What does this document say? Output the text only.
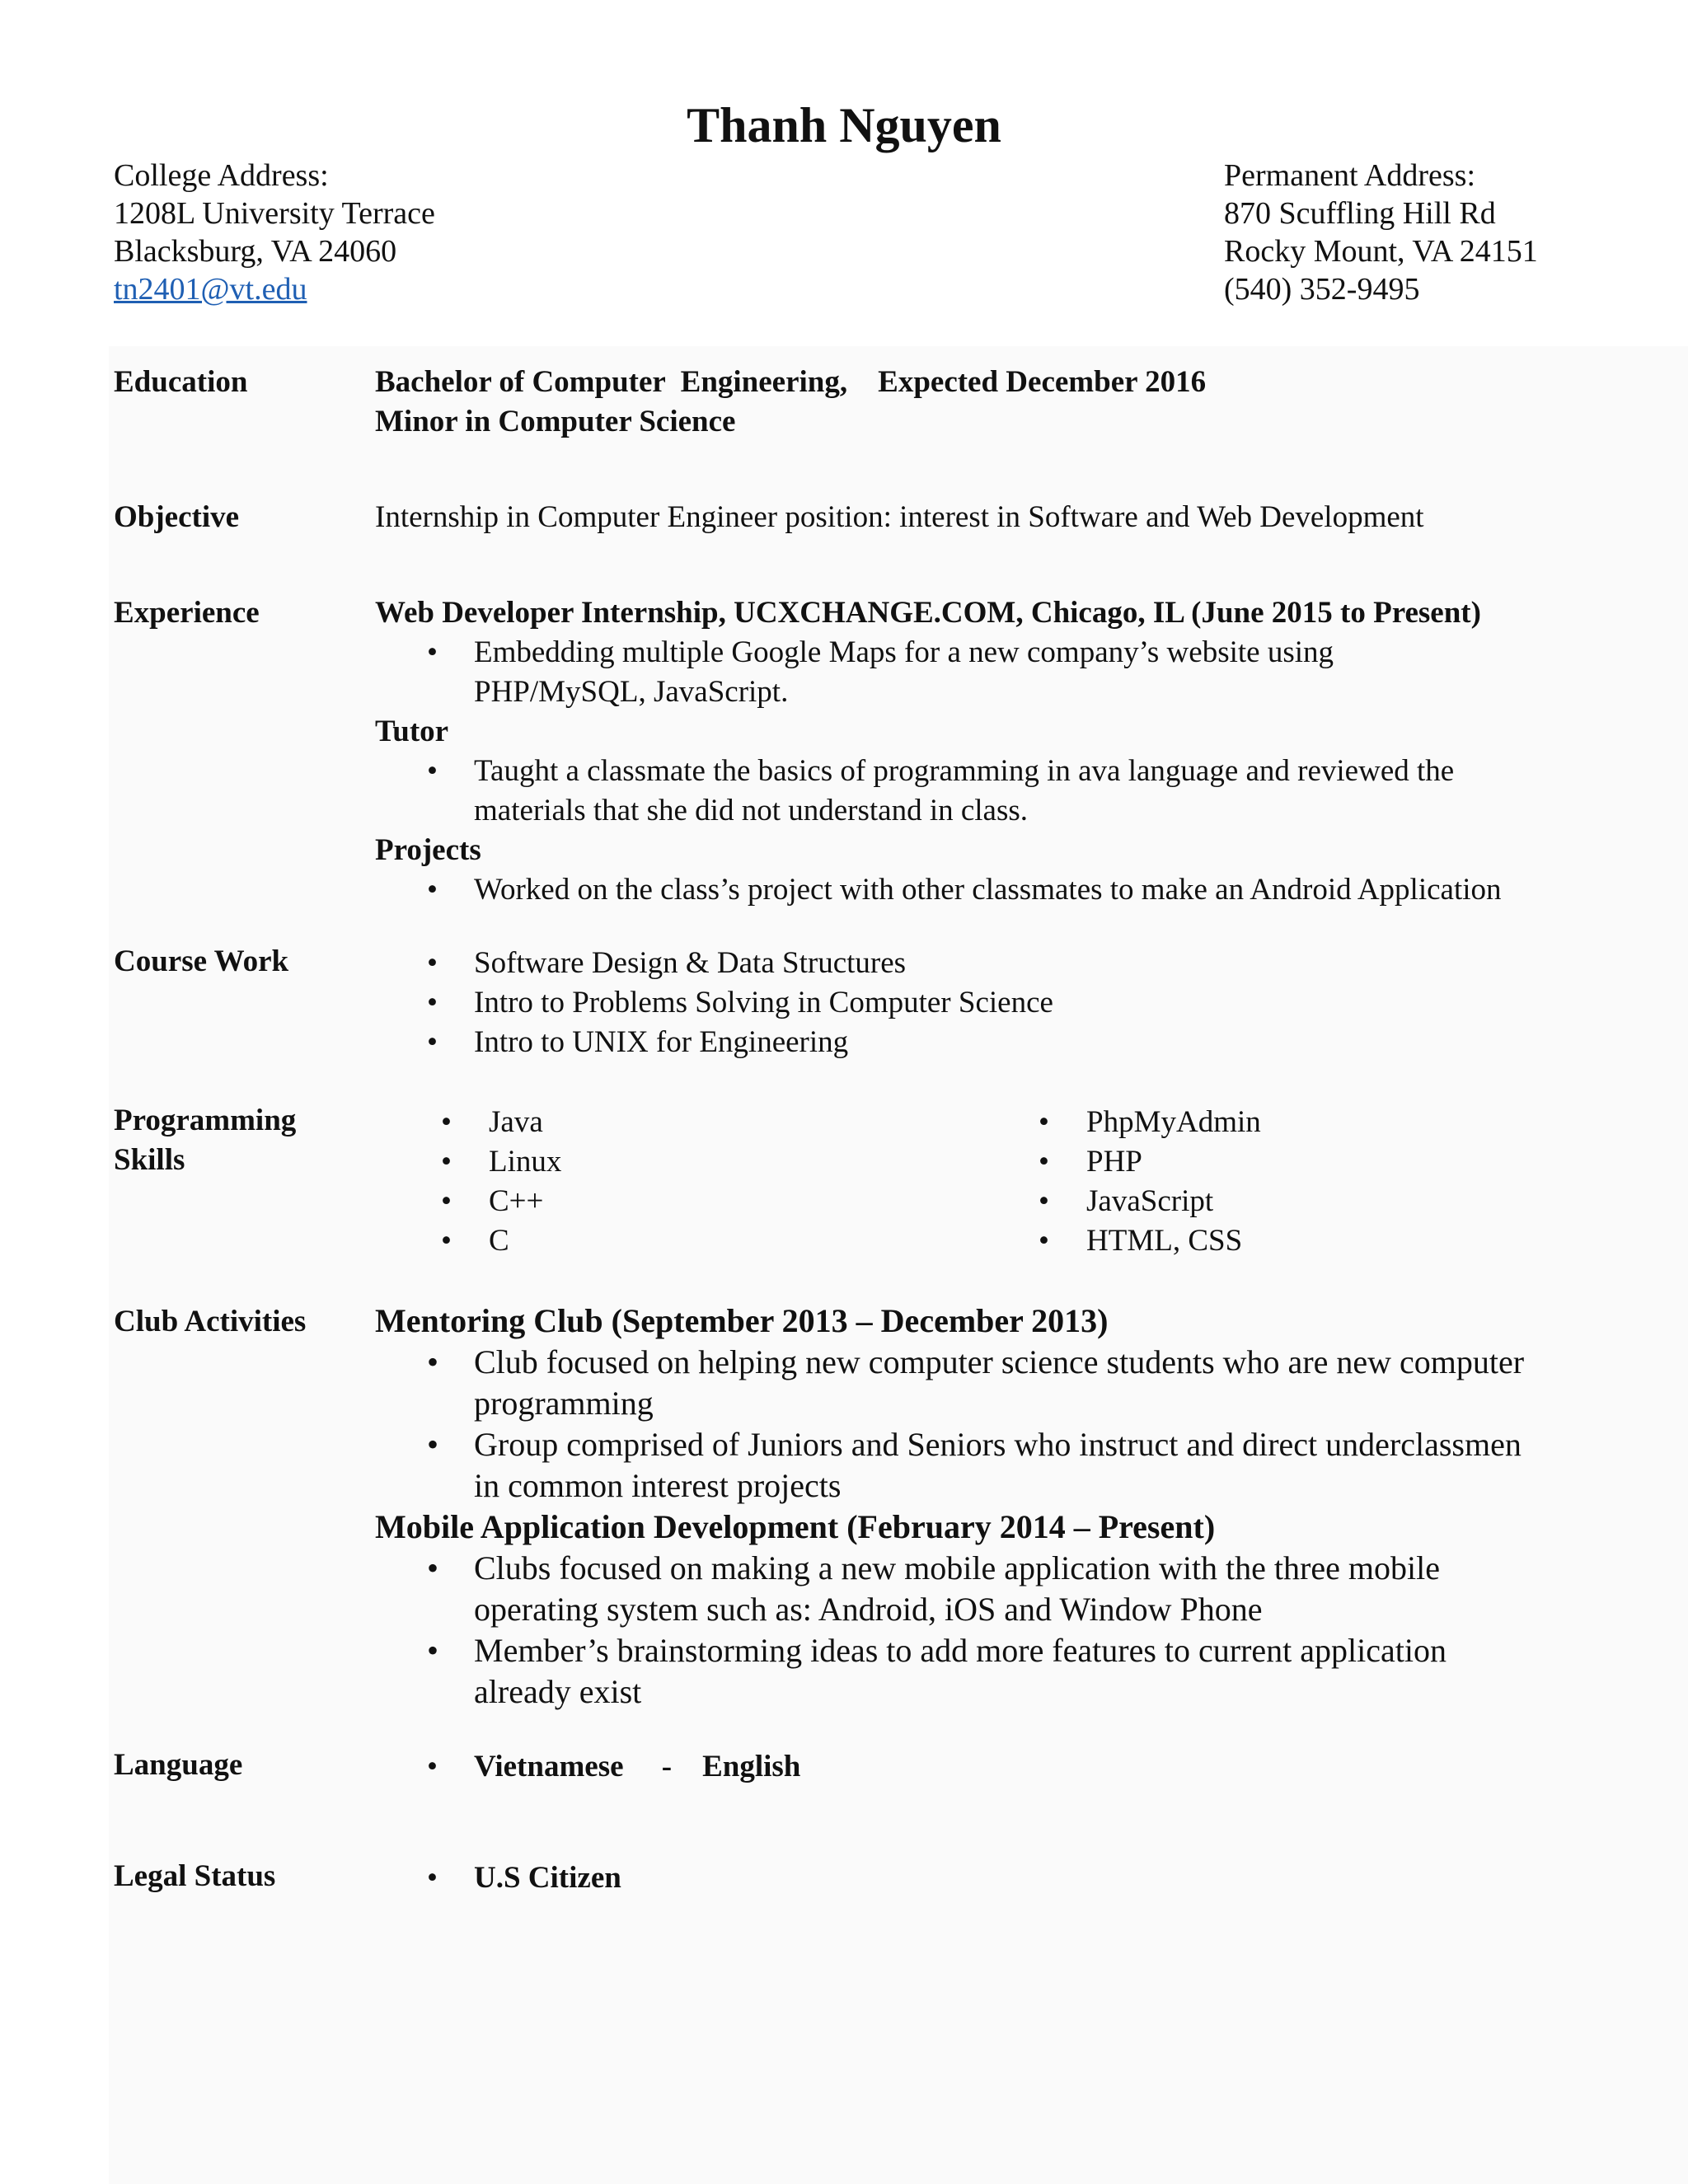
Thanh Nguyen
College Address:
1208L University Terrace
Blacksburg, VA 24060
tn2401@vt.edu
Permanent Address:
870 Scuffling Hill Rd
Rocky Mount, VA 24151
(540) 352-9495
Education	Bachelor of Computer  Engineering,    Expected December 2016
Minor in Computer Science
Objective	Internship in Computer Engineer position: interest in Software and Web Development
Experience	Web Developer Internship, UCXCHANGE.COM, Chicago, IL (June 2015 to Present)
• Embedding multiple Google Maps for a new company’s website using
PHP/MySQL, JavaScript.
Tutor
• Taught a classmate the basics of programming in ava language and reviewed the
materials that she did not understand in class.
Projects
• Worked on the class’s project with other classmates to make an Android Application
Course Work	• Software Design & Data Structures
• Intro to Problems Solving in Computer Science
• Intro to UNIX for Engineering
Programming
Skills
• Java
• Linux
• C++
• C
• PhpMyAdmin
• PHP
• JavaScript
• HTML, CSS
Club Activities Mentoring Club (September 2013 – December 2013)
• Club focused on helping new computer science students who are new computer
programming
• Group comprised of Juniors and Seniors who instruct and direct underclassmen
in common interest projects
Mobile Application Development (February 2014 – Present)
• Clubs focused on making a new mobile application with the three mobile
operating system such as: Android, iOS and Window Phone
• Member’s brainstorming ideas to add more features to current application
already exist
Language	• Vietnamese     -    English
Legal Status	• U.S Citizen
